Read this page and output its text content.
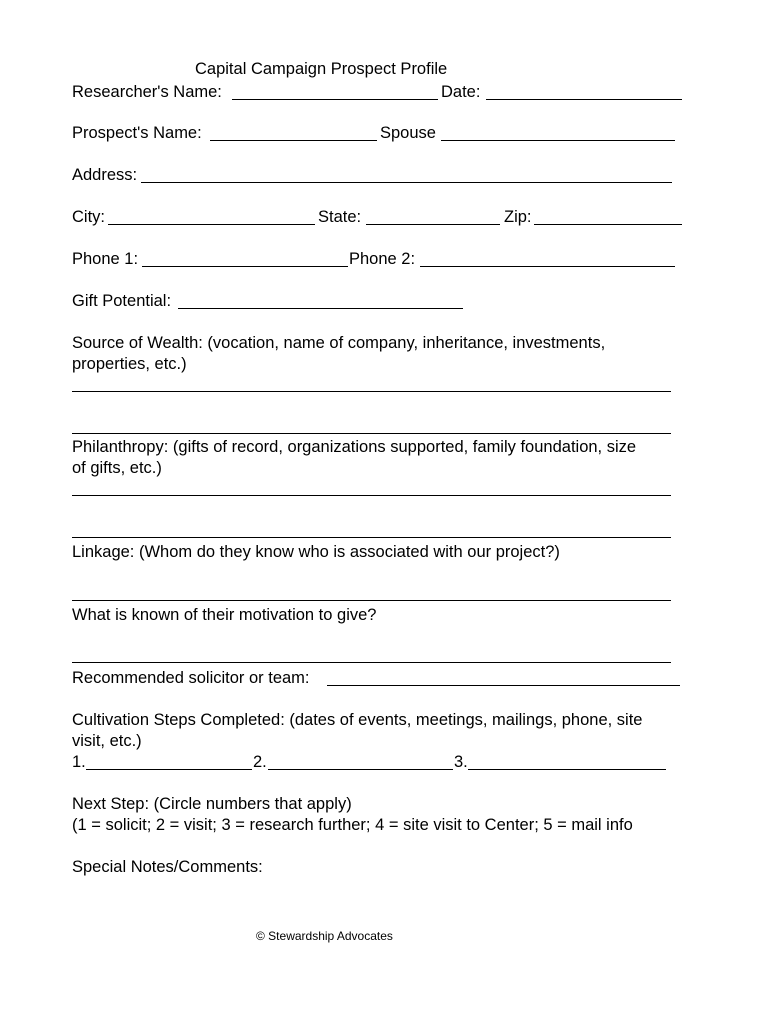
Capital Campaign Prospect Profile
Researcher's Name:	Date:
Prospect's Name:	Spouse
Address:
City:	State:	Zip:
Phone 1:	Phone 2:
Gift Potential:
Source of Wealth: (vocation, name of company, inheritance, investments,
properties, etc.)
Philanthropy: (gifts of record, organizations supported, family foundation, size
of gifts, etc.)
Linkage: (Whom do they know who is associated with our project?)
What is known of their motivation to give?
Recommended solicitor or team:
Cultivation Steps Completed: (dates of events, meetings, mailings, phone, site
visit, etc.)
1.	2.	3.
Next Step: (Circle numbers that apply)
(1 = solicit; 2 = visit; 3 = research further; 4 = site visit to Center; 5 = mail info
Special Notes/Comments:
© Stewardship Advocates
